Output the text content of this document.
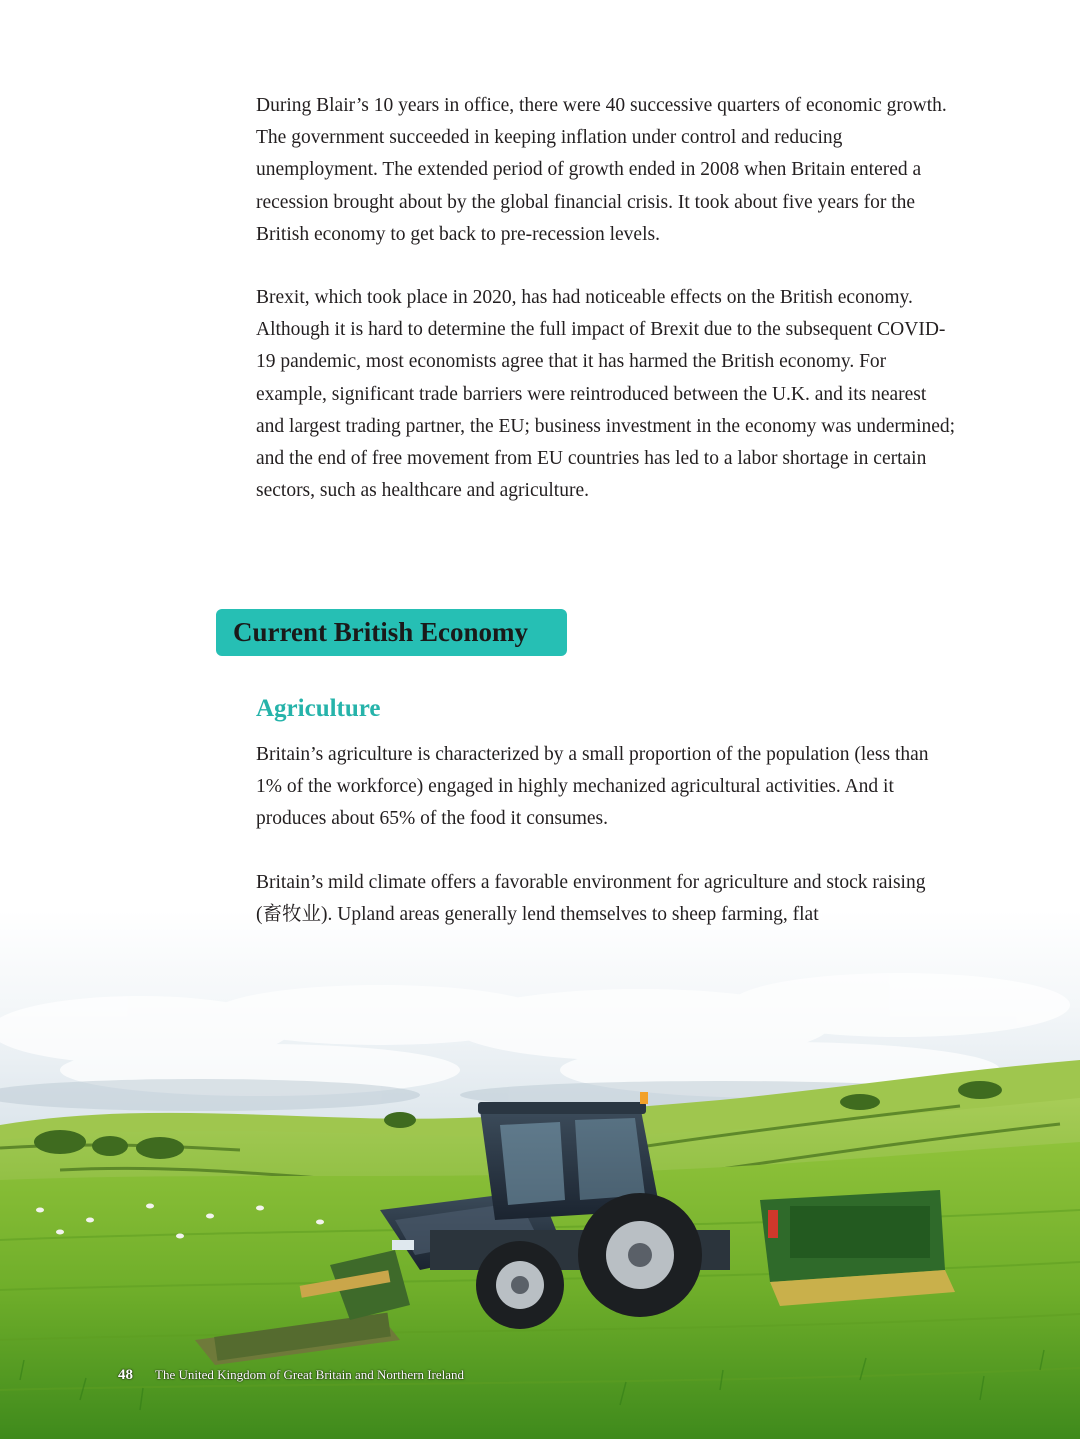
During Blair’s 10 years in office, there were 40 successive quarters of economic growth. The government succeeded in keeping inflation under control and reducing unemployment. The extended period of growth ended in 2008 when Britain entered a recession brought about by the global financial crisis. It took about five years for the British economy to get back to pre-recession levels.

Brexit, which took place in 2020, has had noticeable effects on the British economy. Although it is hard to determine the full impact of Brexit due to the subsequent COVID-19 pandemic, most economists agree that it has harmed the British economy. For example, significant trade barriers were reintroduced between the U.K. and its nearest and largest trading partner, the EU; business investment in the economy was undermined; and the end of free movement from EU countries has led to a labor shortage in certain sectors, such as healthcare and agriculture.

Current British Economy
Agriculture

Britain’s agriculture is characterized by a small proportion of the population (less than 1% of the workforce) engaged in highly mechanized agricultural activities. And it produces about 65% of the food it consumes.

Britain’s mild climate offers a favorable environment for agriculture and stock raising (畜牧业). Upland areas generally lend themselves to sheep farming, flat

48 The United Kingdom of Great Britain and Northern Ireland
